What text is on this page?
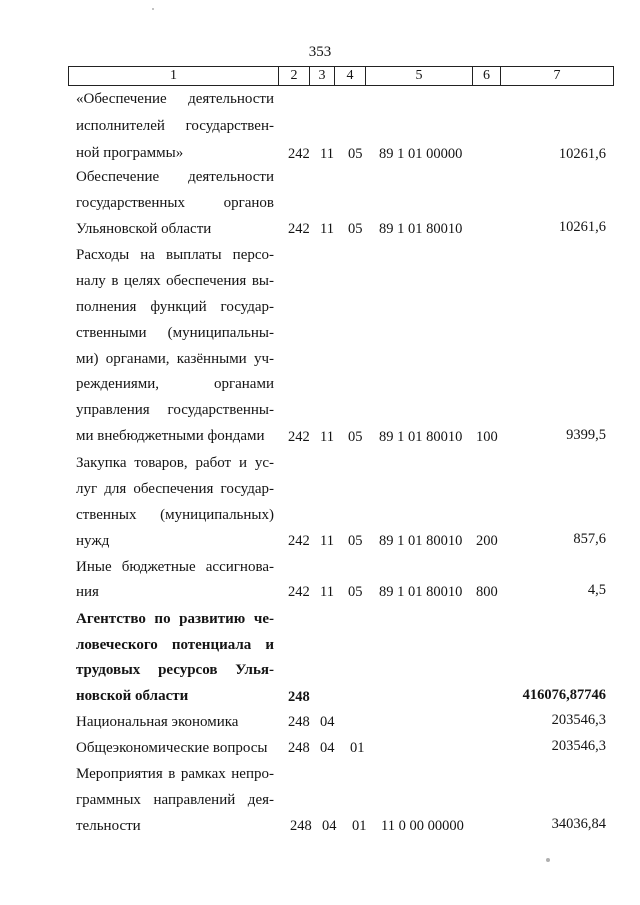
353
1	2	3	4	5	6	7
«Обеспечение деятельности
исполнителей государствен-
ной программы»	242 11 05 89 1 01 00000	10261,6
Обеспечение деятельности
государственных органов
Ульяновской области	242 11 05 89 1 01 80010	10261,6
Расходы на выплаты персо-
налу в целях обеспечения вы-
полнения функций государ-
ственными (муниципальны-
ми) органами, казёнными уч-
реждениями, органами
управления государственны-
ми внебюджетными фондами	242 11 05 89 1 01 80010 100	9399,5
Закупка товаров, работ и ус-
луг для обеспечения государ-
ственных (муниципальных)
нужд	242 11 05 89 1 01 80010 200	857,6
Иные бюджетные ассигнова-
ния	242 11 05 89 1 01 80010 800	4,5
Агентство по развитию че-
ловеческого потенциала и
трудовых ресурсов Улья-
новской области	248	416076,87746
Национальная экономика	248 04	203546,3
Общеэкономические вопросы	248 04 01	203546,3
Мероприятия в рамках непро-
граммных направлений дея-
тельности	248 04 01 11 0 00 00000	34036,84
